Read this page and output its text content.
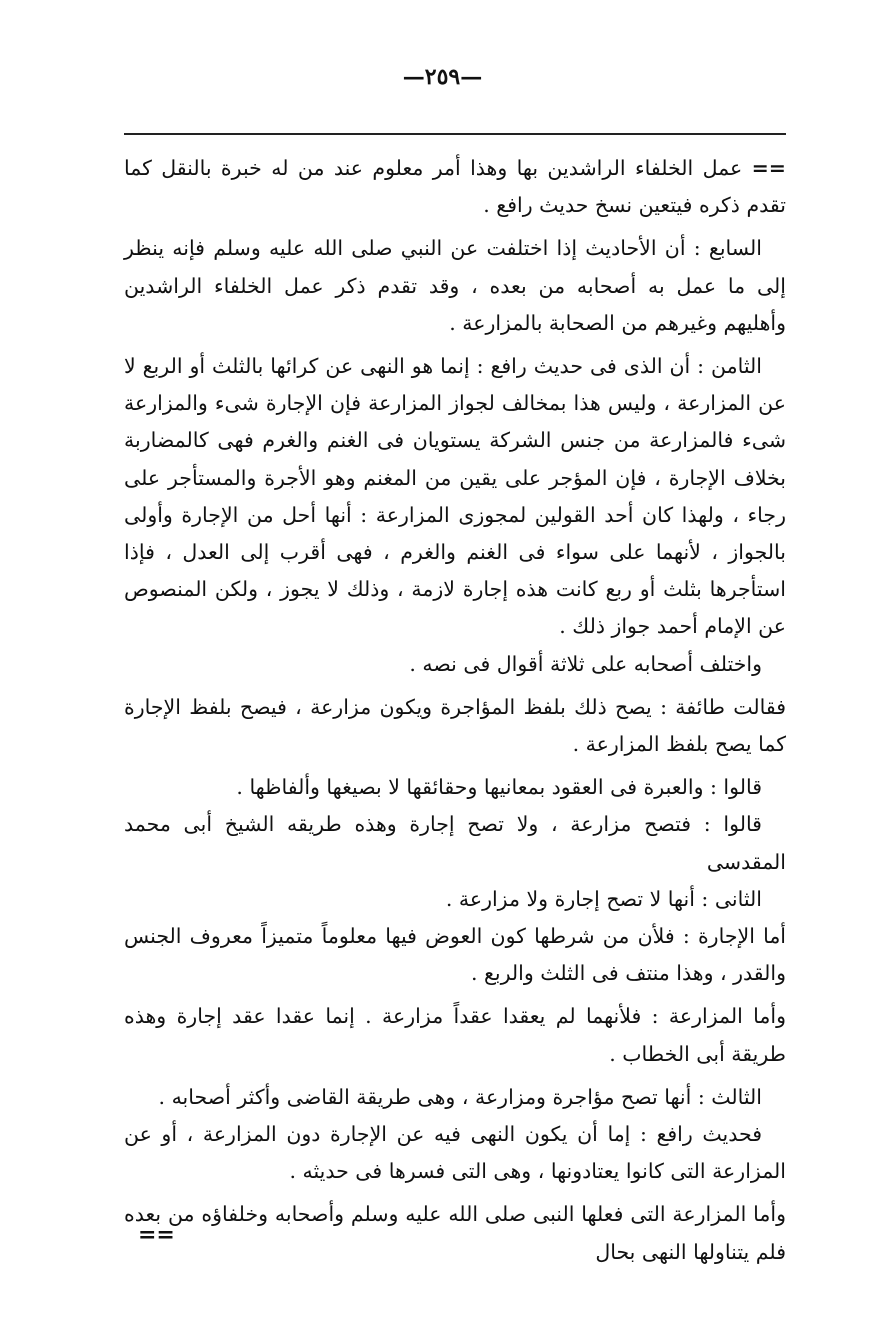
—٢٥٩—

== عمل الخلفاء الراشدين بها وهذا أمر معلوم عند من له خبرة بالنقل كما تقدم ذكره فيتعين نسخ حديث رافع .

السابع : أن الأحاديث إذا اختلفت عن النبي صلى الله عليه وسلم فإنه ينظر إلى ما عمل به أصحابه من بعده ، وقد تقدم ذكر عمل الخلفاء الراشدين وأهليهم وغيرهم من الصحابة بالمزارعة .

الثامن : أن الذى فى حديث رافع : إنما هو النهى عن كرائها بالثلث أو الربع لا عن المزارعة ، وليس هذا بمخالف لجواز المزارعة فإن الإجارة شىء والمزارعة شىء فالمزارعة من جنس الشركة يستويان فى الغنم والغرم فهى كالمضاربة بخلاف الإجارة ، فإن المؤجر على يقين من المغنم وهو الأجرة والمستأجر على رجاء ، ولهذا كان أحد القولين لمجوزى المزارعة : أنها أحل من الإجارة وأولى بالجواز ، لأنهما على سواء فى الغنم والغرم ، فهى أقرب إلى العدل ، فإذا استأجرها بثلث أو ربع كانت هذه إجارة لازمة ، وذلك لا يجوز ، ولكن المنصوص عن الإمام أحمد جواز ذلك .

واختلف أصحابه على ثلاثة أقوال فى نصه .

فقالت طائفة : يصح ذلك بلفظ المؤاجرة ويكون مزارعة ، فيصح بلفظ الإجارة كما يصح بلفظ المزارعة .

قالوا : والعبرة فى العقود بمعانيها وحقائقها لا بصيغها وألفاظها .

قالوا : فتصح مزارعة ، ولا تصح إجارة وهذه طريقه الشيخ أبى محمد المقدسى

الثانى : أنها لا تصح إجارة ولا مزارعة .

أما الإجارة : فلأن من شرطها كون العوض فيها معلوماً متميزاً معروف الجنس والقدر ، وهذا منتف فى الثلث والربع .

وأما المزارعة : فلأنهما لم يعقدا عقداً مزارعة . إنما عقدا عقد إجارة وهذه طريقة أبى الخطاب .

الثالث : أنها تصح مؤاجرة ومزارعة ، وهى طريقة القاضى وأكثر أصحابه .

فحديث رافع : إما أن يكون النهى فيه عن الإجارة دون المزارعة ، أو عن المزارعة التى كانوا يعتادونها ، وهى التى فسرها فى حديثه .

وأما المزارعة التى فعلها النبى صلى الله عليه وسلم وأصحابه وخلفاؤه من بعده فلم يتناولها النهى بحال

==
